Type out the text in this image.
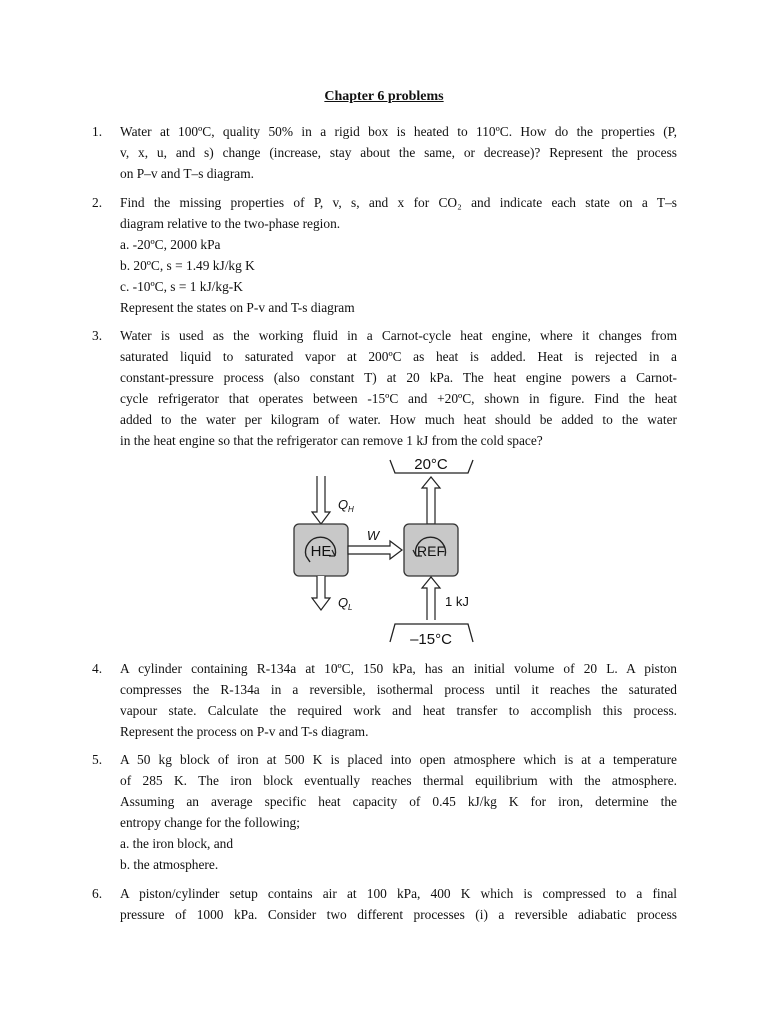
Chapter 6 problems
1.	Water at 100ºC, quality 50% in a rigid box is heated to 110ºC. How do the properties (P,
v, x, u, and s) change (increase, stay about the same, or decrease)? Represent the process
on P–v and T–s diagram.
2.	Find the missing properties of P, v, s, and x for CO₂ and indicate each state on a T–s
diagram relative to the two-phase region.
a. -20ºC, 2000 kPa
b. 20ºC, s = 1.49 kJ/kg K
c. -10ºC, s = 1 kJ/kg-K
Represent the states on P-v and T-s diagram
3.	Water is used as the working fluid in a Carnot-cycle heat engine, where it changes from
saturated liquid to saturated vapor at 200ºC as heat is added. Heat is rejected in a
constant-pressure process (also constant T) at 20 kPa. The heat engine powers a Carnot-
cycle refrigerator that operates between -15ºC and +20ºC, shown in figure. Find the heat
added to the water per kilogram of water. How much heat should be added to the water
in the heat engine so that the refrigerator can remove 1 kJ from the cold space?
20°C
Q H
HE
W
REF
Q L	1 kJ
–15°C
4.	A cylinder containing R-134a at 10ºC, 150 kPa, has an initial volume of 20 L. A piston
compresses the R-134a in a reversible, isothermal process until it reaches the saturated
vapour state. Calculate the required work and heat transfer to accomplish this process.
Represent the process on P-v and T-s diagram.
5.	A 50 kg block of iron at 500 K is placed into open atmosphere which is at a temperature
of 285 K. The iron block eventually reaches thermal equilibrium with the atmosphere.
Assuming an average specific heat capacity of 0.45 kJ/kg K for iron, determine the
entropy change for the following;
a. the iron block, and
b. the atmosphere.
6.	A piston/cylinder setup contains air at 100 kPa, 400 K which is compressed to a final
pressure of 1000 kPa. Consider two different processes (i) a reversible adiabatic process
